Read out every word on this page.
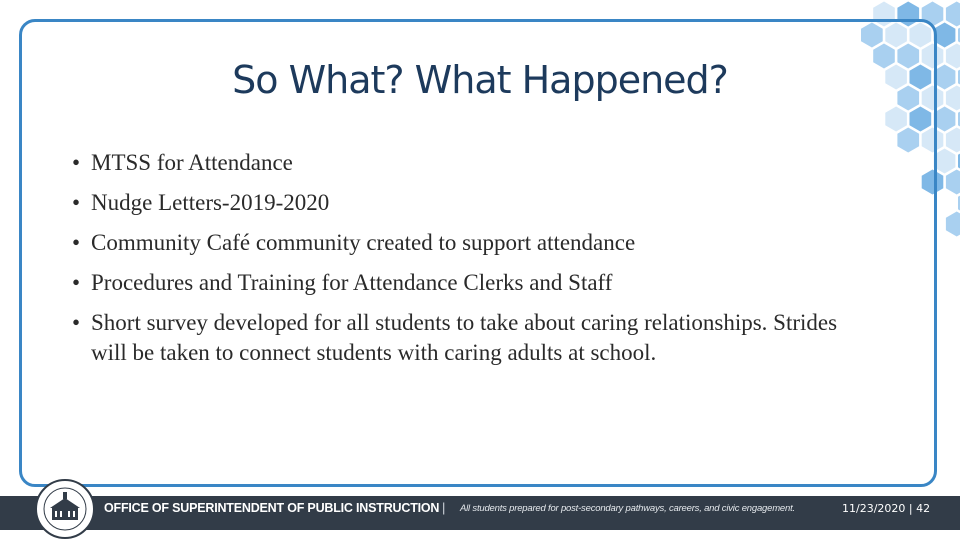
So What? What Happened?
• MTSS for Attendance
• Nudge Letters-2019-2020
• Community Café community created to support attendance
• Procedures and Training for Attendance Clerks and Staff
• Short survey developed for all students to take about caring relationships. Strides will be taken to connect students with caring adults at school.
OFFICE OF SUPERINTENDENT OF PUBLIC INSTRUCTION | All students prepared for post-secondary pathways, careers, and civic engagement.	11/23/2020 | 42
